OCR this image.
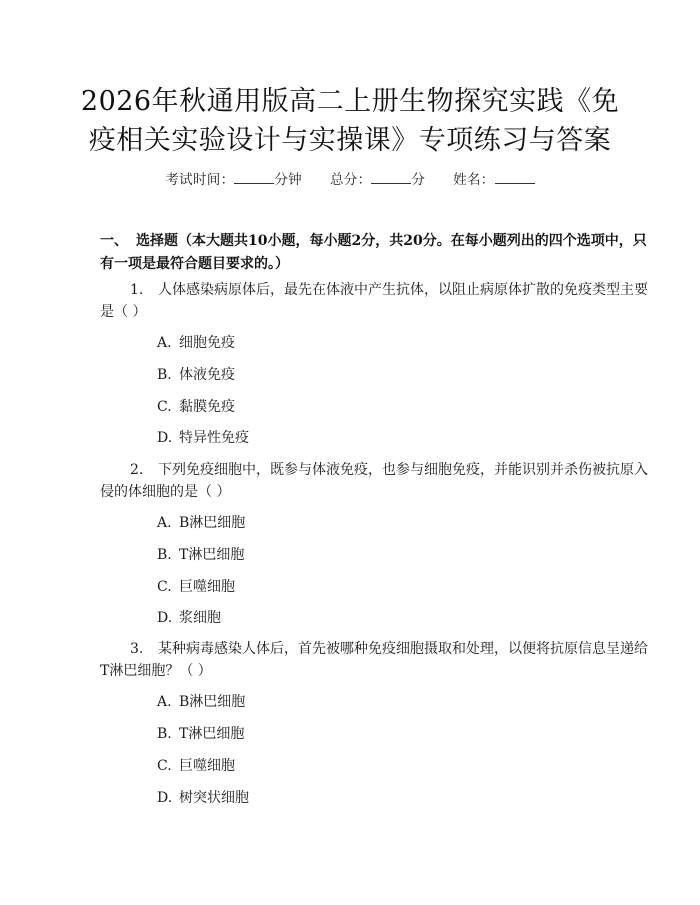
2026年秋通用版高二上册生物探究实践《免
疫相关实验设计与实操课》专项练习与答案
考试时间：	分钟 总分：	分 姓名：
一、 选择题（本大题共10小题，每小题2分，共20分。在每小题列出的四个选项中，只有一项是最符合题目要求的。）
1. 人体感染病原体后，最先在体液中产生抗体，以阻止病原体扩散的免疫类型主要是（ ）
A. 细胞免疫
B. 体液免疫
C. 黏膜免疫
D. 特异性免疫
2. 下列免疫细胞中，既参与体液免疫，也参与细胞免疫，并能识别并杀伤被抗原入侵的体细胞的是（ ）
A. B淋巴细胞
B. T淋巴细胞
C. 巨噬细胞
D. 浆细胞
3. 某种病毒感染人体后，首先被哪种免疫细胞摄取和处理，以便将抗原信息呈递给T淋巴细胞？（ ）
A. B淋巴细胞
B. T淋巴细胞
C. 巨噬细胞
D. 树突状细胞
